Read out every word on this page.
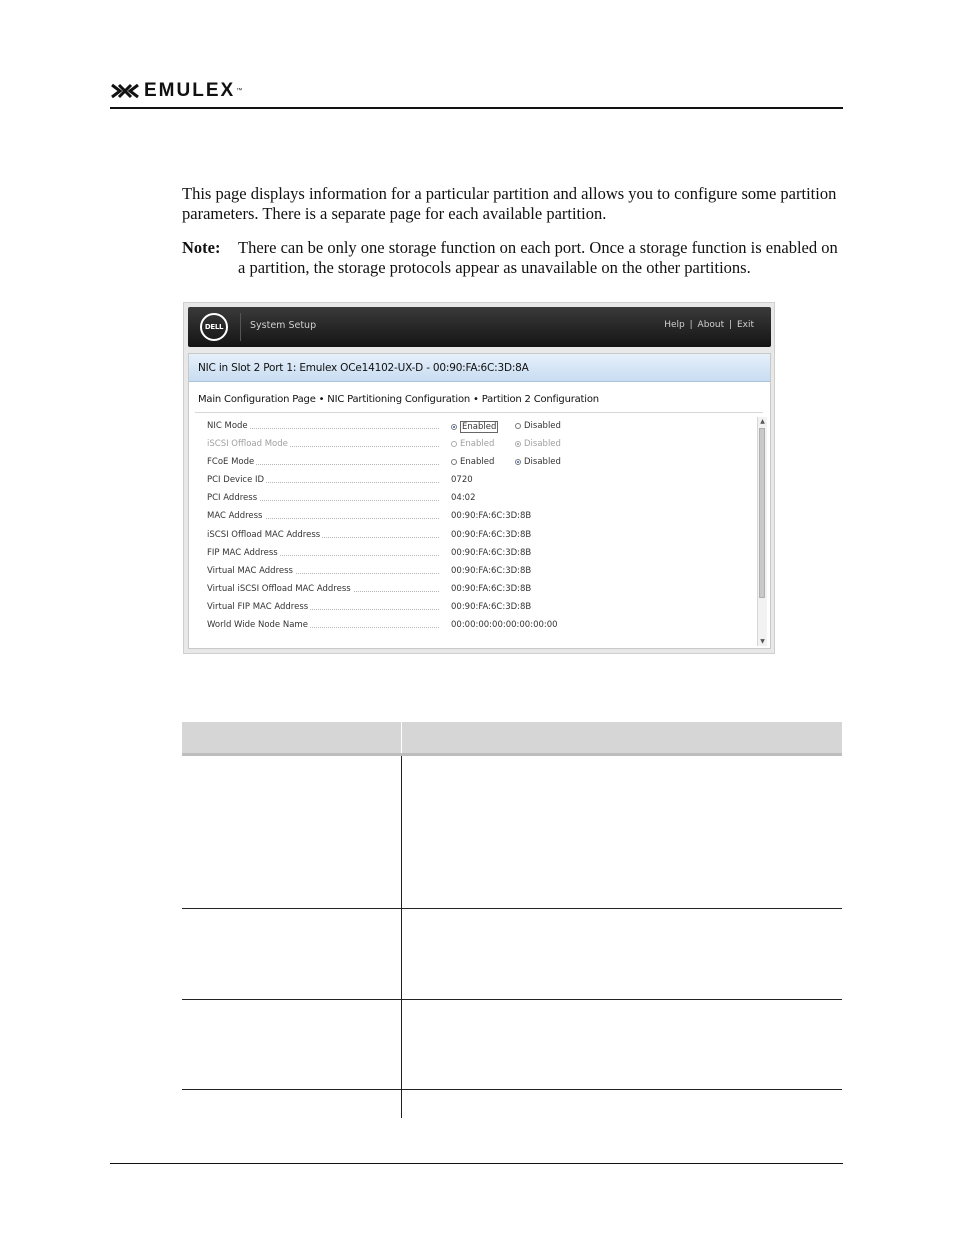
EMULEX ™

This page displays information for a particular partition and allows you to configure some partition parameters. There is a separate page for each available partition.

Note:	There can be only one storage function on each port. Once a storage function is enabled on a partition, the storage protocols appear as unavailable on the other partitions.
DELL	System Setup	Help | About | Exit
NIC in Slot 2 Port 1: Emulex OCe14102-UX-D - 00:90:FA:6C:3D:8A
Main Configuration Page • NIC Partitioning Configuration • Partition 2 Configuration
NIC Mode	Enabled	Disabled
iSCSI Offload Mode	Enabled	Disabled
FCoE Mode	Enabled	Disabled
PCI Device ID	0720
PCI Address	04:02
MAC Address	00:90:FA:6C:3D:8B
iSCSI Offload MAC Address	00:90:FA:6C:3D:8B
FIP MAC Address	00:90:FA:6C:3D:8B
Virtual MAC Address	00:90:FA:6C:3D:8B
Virtual iSCSI Offload MAC Address	00:90:FA:6C:3D:8B
Virtual FIP MAC Address	00:90:FA:6C:3D:8B
World Wide Node Name	00:00:00:00:00:00:00:00
▲
▼
